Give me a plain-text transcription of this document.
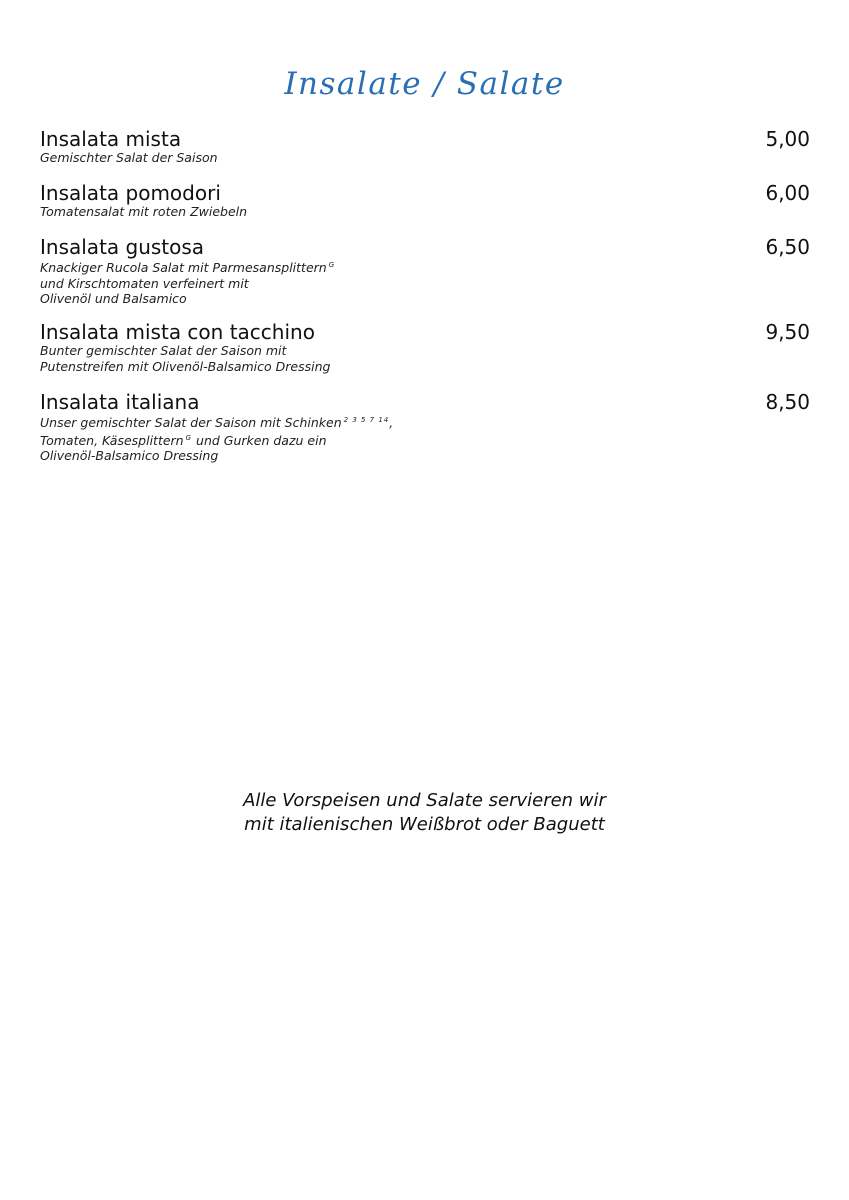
Insalate / Salate
Insalata mista	5,00
Gemischter Salat der Saison
Insalata pomodori	6,00
Tomatensalat mit roten Zwiebeln
Insalata gustosa	6,50
Knackiger Rucola Salat mit Parmesansplittern $^G$
und Kirschtomaten verfeinert mit
Olivenöl und Balsamico
Insalata mista con tacchino	9,50
Bunter gemischter Salat der Saison mit
Putenstreifen mit Olivenöl-Balsamico Dressing
Insalata italiana	8,50
Unser gemischter Salat der Saison mit Schinken $^{2 3 5 7 14}$,
Tomaten, Käsesplittern $^G$ und Gurken dazu ein
Olivenöl-Balsamico Dressing
Alle Vorspeisen und Salate servieren wir
mit italienischen Weißbrot oder Baguett
